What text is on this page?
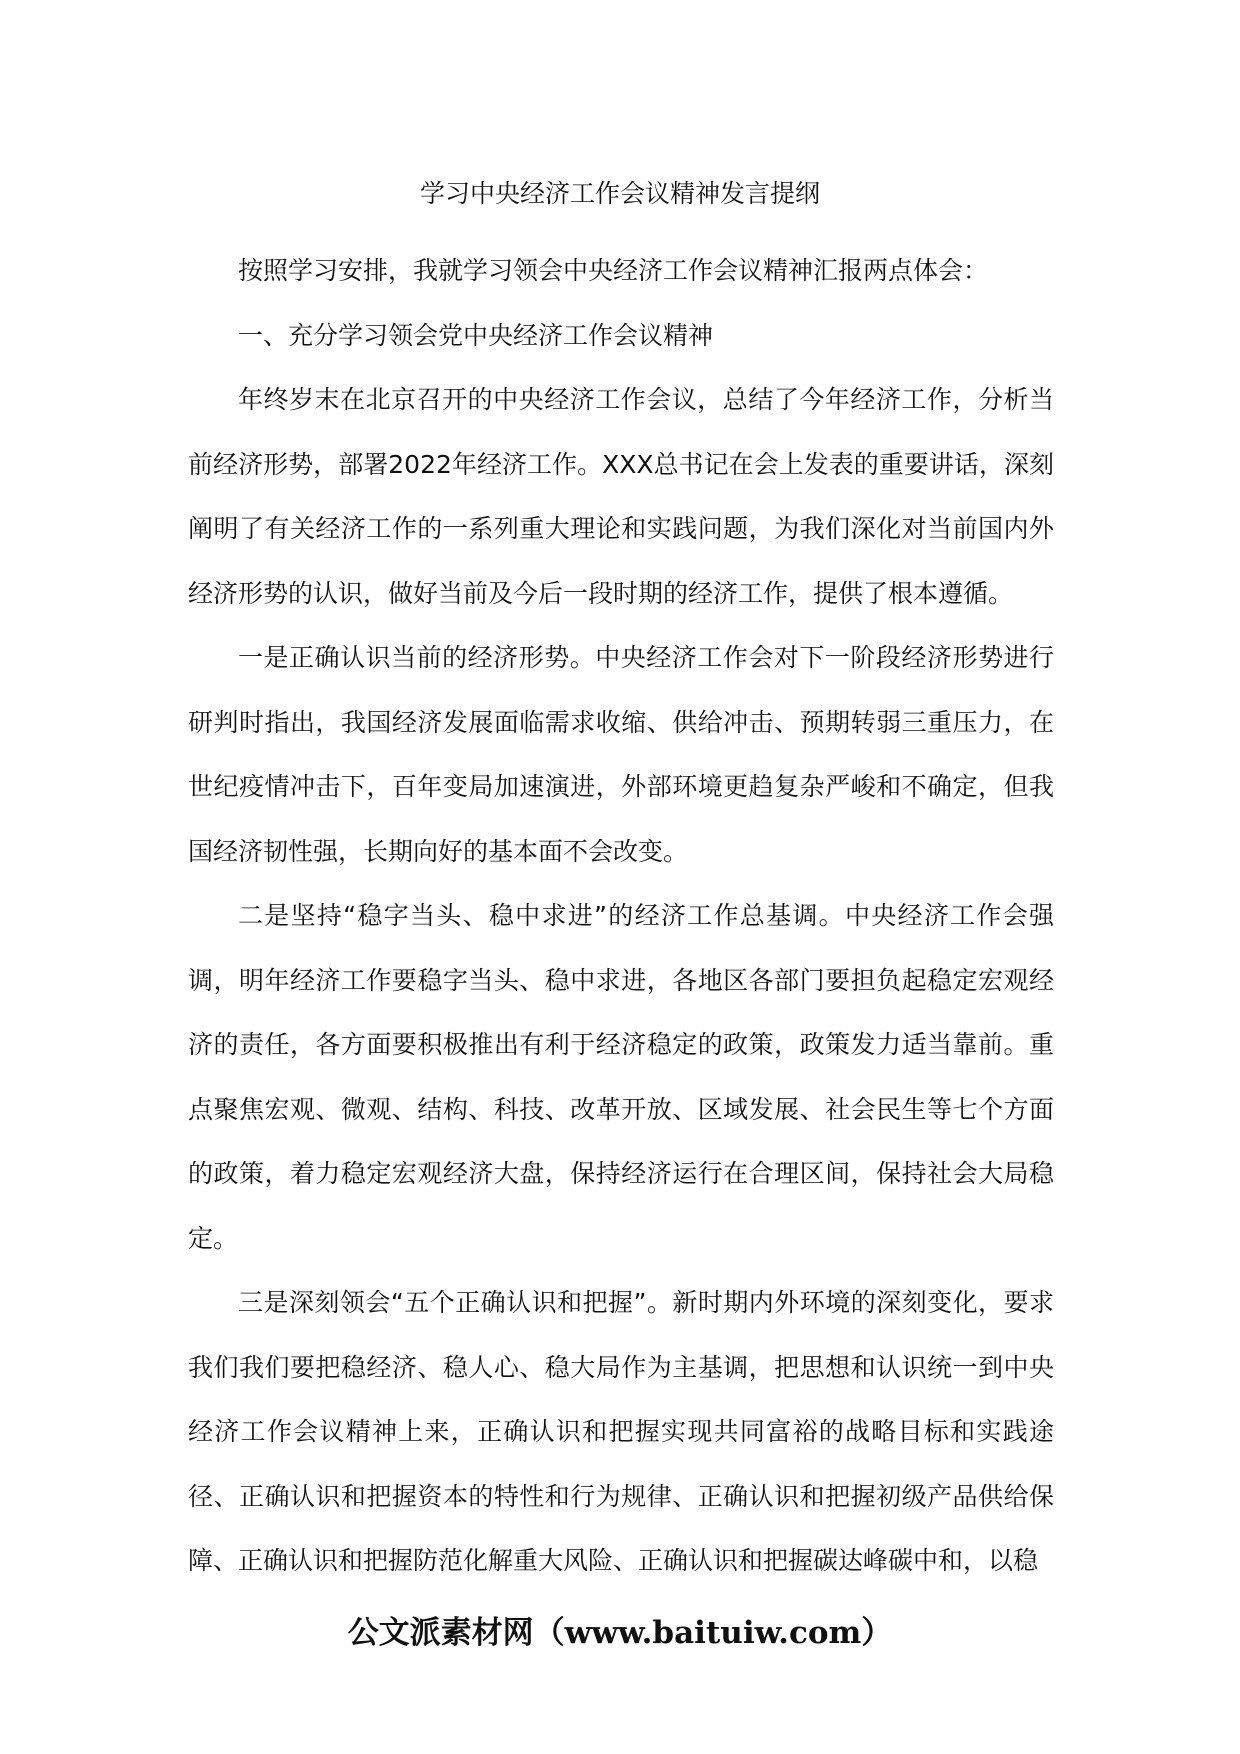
学习中央经济工作会议精神发言提纲

按照学习安排，我就学习领会中央经济工作会议精神汇报两点体会：

一、充分学习领会党中央经济工作会议精神

年终岁末在北京召开的中央经济工作会议，总结了今年经济工作，分析当前经济形势，部署2022年经济工作。XXX总书记在会上发表的重要讲话，深刻阐明了有关经济工作的一系列重大理论和实践问题，为我们深化对当前国内外经济形势的认识，做好当前及今后一段时期的经济工作，提供了根本遵循。

一是正确认识当前的经济形势。中央经济工作会对下一阶段经济形势进行研判时指出，我国经济发展面临需求收缩、供给冲击、预期转弱三重压力，在世纪疫情冲击下，百年变局加速演进，外部环境更趋复杂严峻和不确定，但我国经济韧性强，长期向好的基本面不会改变。

二是坚持“稳字当头、稳中求进”的经济工作总基调。中央经济工作会强调，明年经济工作要稳字当头、稳中求进，各地区各部门要担负起稳定宏观经济的责任，各方面要积极推出有利于经济稳定的政策，政策发力适当靠前。重点聚焦宏观、微观、结构、科技、改革开放、区域发展、社会民生等七个方面的政策，着力稳定宏观经济大盘，保持经济运行在合理区间，保持社会大局稳定。

三是深刻领会“五个正确认识和把握”。新时期内外环境的深刻变化，要求我们我们要把稳经济、稳人心、稳大局作为主基调，把思想和认识统一到中央经济工作会议精神上来，正确认识和把握实现共同富裕的战略目标和实践途径、正确认识和把握资本的特性和行为规律、正确认识和把握初级产品供给保障、正确认识和把握防范化解重大风险、正确认识和把握碳达峰碳中和，以稳

公文派素材网（www.baituiw.com）
